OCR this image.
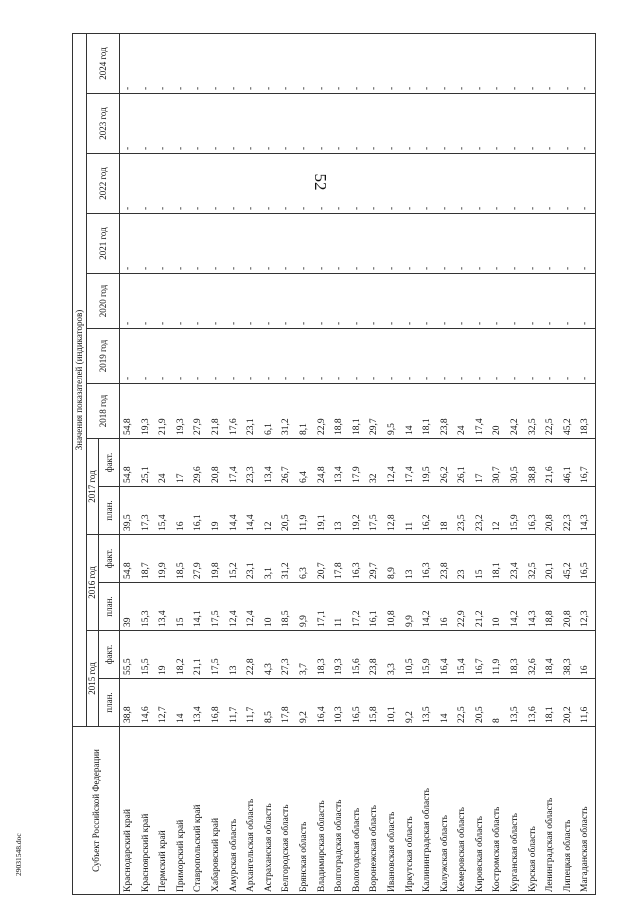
52
29031548.doc	Субъект Российской Федерации	Значения показателей (индикаторов)												
	2015 год		2016 год		2017 год		2018 год	2019 год	2020 год	2021 год	2022 год	2023 год	2024 год
	план.	факт.	план.	факт.	план.	факт.							
Краснодарский край	38,8	55,5	39	54,8	39,5	54,8	54,8	-	-	-	-	-	-
Красноярский край	14,6	15,5	15,3	18,7	17,3	25,1	19,3	-	-	-	-	-	-
Пермский край	12,7	19	13,4	19,9	15,4	24	21,9	-	-	-	-	-	-
Приморский край	14	18,2	15	18,5	16	17	19,3	-	-	-	-	-	-
Ставропольский край	13,4	21,1	14,1	27,9	16,1	29,6	27,9	-	-	-	-	-	-
Хабаровский край	16,8	17,5	17,5	19,8	19	20,8	21,8	-	-	-	-	-	-
Амурская область	11,7	13	12,4	15,2	14,4	17,4	17,6	-	-	-	-	-	-
Архангельская область	11,7	22,8	12,4	23,1	14,4	23,3	23,1	-	-	-	-	-	-
Астраханская область	8,5	4,3	10	3,1	12	13,4	6,1	-	-	-	-	-	-
Белгородская область	17,8	27,3	18,5	31,2	20,5	26,7	31,2	-	-	-	-	-	-
Брянская область	9,2	3,7	9,9	6,3	11,9	6,4	8,1	-	-	-	-	-	-
Владимирская область	16,4	18,3	17,1	20,7	19,1	24,8	22,9	-	-	-	-	-	-
Волгоградская область	10,3	19,3	11	17,8	13	13,4	18,8	-	-	-	-	-	-
Вологодская область	16,5	15,6	17,2	16,3	19,2	17,9	18,1	-	-	-	-	-	-
Воронежская область	15,8	23,8	16,1	29,7	17,5	32	29,7	-	-	-	-	-	-
Ивановская область	10,1	3,3	10,8	8,9	12,8	12,4	9,5	-	-	-	-	-	-
Иркутская область	9,2	10,5	9,9	13	11	17,4	14	-	-	-	-	-	-
Калининградская область	13,5	15,9	14,2	16,3	16,2	19,5	18,1	-	-	-	-	-	-
Калужская область	14	16,4	16	23,8	18	26,2	23,8	-	-	-	-	-	-
Кемеровская область	22,5	15,4	22,9	23	23,5	26,1	24	-	-	-	-	-	-
Кировская область	20,5	16,7	21,2	15	23,2	17	17,4	-	-	-	-	-	-
Костромская область	8	11,9	10	18,1	12	30,7	20	-	-	-	-	-	-
Курганская область	13,5	18,3	14,2	23,4	15,9	30,5	24,2	-	-	-	-	-	-
Курская область	13,6	32,6	14,3	32,5	16,3	38,8	32,5	-	-	-	-	-	-
Ленинградская область	18,1	18,4	18,8	20,1	20,8	21,6	22,5	-	-	-	-	-	-
Липецкая область	20,2	38,3	20,8	45,2	22,3	46,1	45,2	-	-	-	-	-	-
Магаданская область	11,6	16	12,3	16,5	14,3	16,7	18,3	-	-	-	-	-	-
